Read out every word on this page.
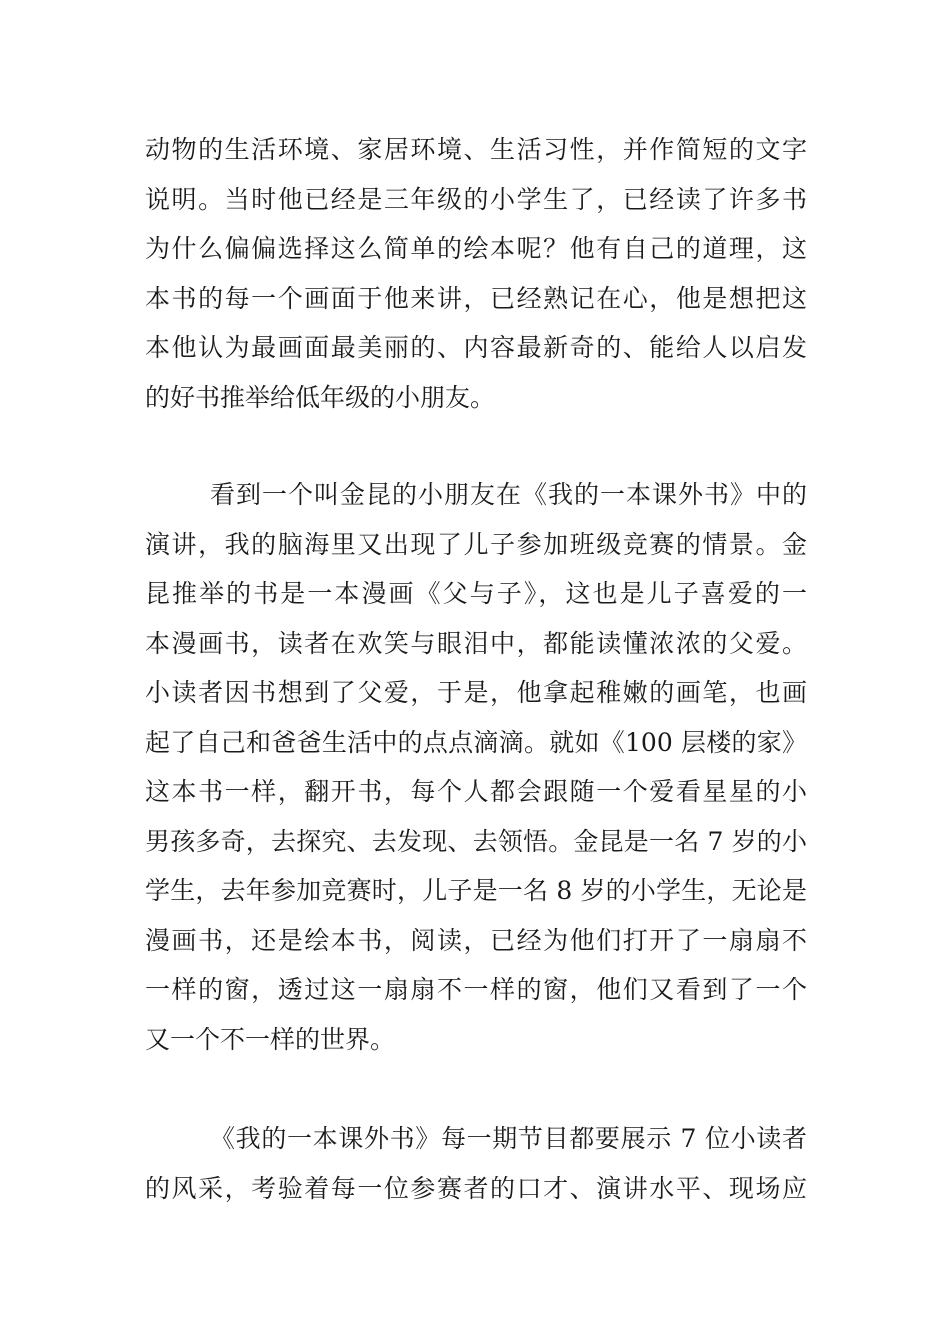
动物的生活环境、家居环境、生活习性，并作简短的文字
说明。当时他已经是三年级的小学生了，已经读了许多书
为什么偏偏选择这么简单的绘本呢？他有自己的道理，这
本书的每一个画面于他来讲，已经熟记在心，他是想把这
本他认为最画面最美丽的、内容最新奇的、能给人以启发
的好书推举给低年级的小朋友。
看到一个叫金昆的小朋友在《我的一本课外书》中的
演讲，我的脑海里又出现了儿子参加班级竞赛的情景。金
昆推举的书是一本漫画《父与子》，这也是儿子喜爱的一
本漫画书，读者在欢笑与眼泪中，都能读懂浓浓的父爱。
小读者因书想到了父爱，于是，他拿起稚嫩的画笔，也画
起了自己和爸爸生活中的点点滴滴。就如《100 层楼的家》
这本书一样，翻开书，每个人都会跟随一个爱看星星的小
男孩多奇，去探究、去发现、去领悟。金昆是一名 7 岁的小
学生，去年参加竞赛时，儿子是一名 8 岁的小学生，无论是
漫画书，还是绘本书，阅读，已经为他们打开了一扇扇不
一样的窗，透过这一扇扇不一样的窗，他们又看到了一个
又一个不一样的世界。
《我的一本课外书》每一期节目都要展示 7 位小读者
的风采，考验着每一位参赛者的口才、演讲水平、现场应
